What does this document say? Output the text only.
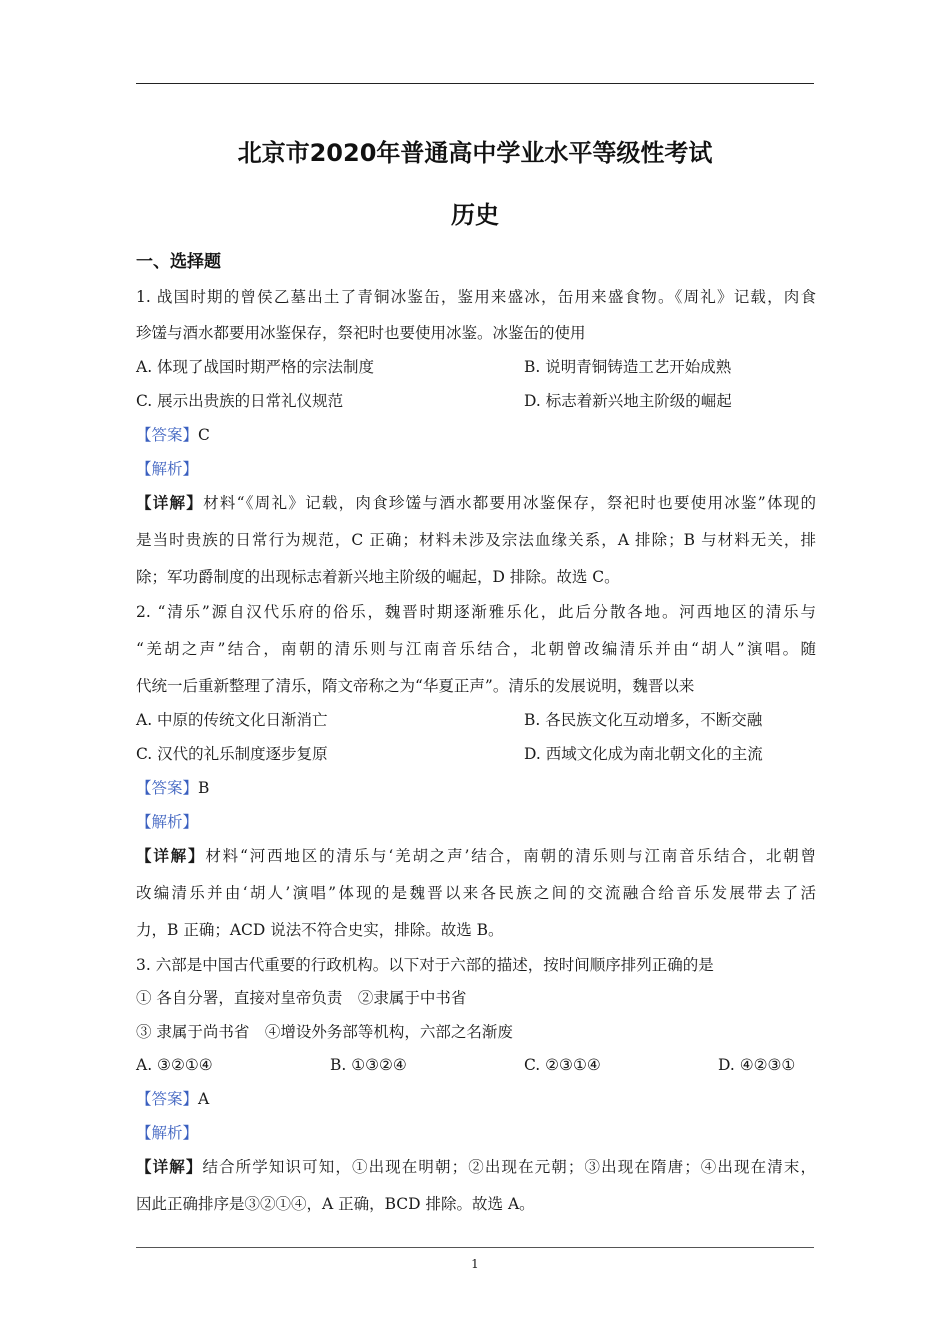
北京市2020年普通高中学业水平等级性考试
历史
一、选择题
1. 战国时期的曾侯乙墓出土了青铜冰鉴缶，鉴用来盛冰，缶用来盛食物。《周礼》记载，肉食
珍馐与酒水都要用冰鉴保存，祭祀时也要使用冰鉴。冰鉴缶的使用
A. 体现了战国时期严格的宗法制度	B. 说明青铜铸造工艺开始成熟
C. 展示出贵族的日常礼仪规范	D. 标志着新兴地主阶级的崛起
【答案】C
【解析】
【详解】材料“《周礼》记载，肉食珍馐与酒水都要用冰鉴保存，祭祀时也要使用冰鉴”体现的
是当时贵族的日常行为规范，C 正确；材料未涉及宗法血缘关系，A 排除；B 与材料无关，排
除；军功爵制度的出现标志着新兴地主阶级的崛起，D 排除。故选 C。
2. “清乐”源自汉代乐府的俗乐，魏晋时期逐渐雅乐化，此后分散各地。河西地区的清乐与
“羌胡之声”结合，南朝的清乐则与江南音乐结合，北朝曾改编清乐并由“胡人”演唱。随
代统一后重新整理了清乐，隋文帝称之为“华夏正声”。清乐的发展说明，魏晋以来
A. 中原的传统文化日渐消亡	B. 各民族文化互动增多，不断交融
C. 汉代的礼乐制度逐步复原	D. 西域文化成为南北朝文化的主流
【答案】B
【解析】
【详解】材料“河西地区的清乐与‘羌胡之声’结合，南朝的清乐则与江南音乐结合，北朝曾
改编清乐并由‘胡人’演唱”体现的是魏晋以来各民族之间的交流融合给音乐发展带去了活
力，B 正确；ACD 说法不符合史实，排除。故选 B。
3. 六部是中国古代重要的行政机构。以下对于六部的描述，按时间顺序排列正确的是
① 各自分署，直接对皇帝负责　②隶属于中书省
③ 隶属于尚书省　④增设外务部等机构，六部之名渐废
A. ③②①④	B. ①③②④	C. ②③①④	D. ④②③①
【答案】A
【解析】
【详解】结合所学知识可知，①出现在明朝；②出现在元朝；③出现在隋唐；④出现在清末，
因此正确排序是③②①④，A 正确，BCD 排除。故选 A。
1
